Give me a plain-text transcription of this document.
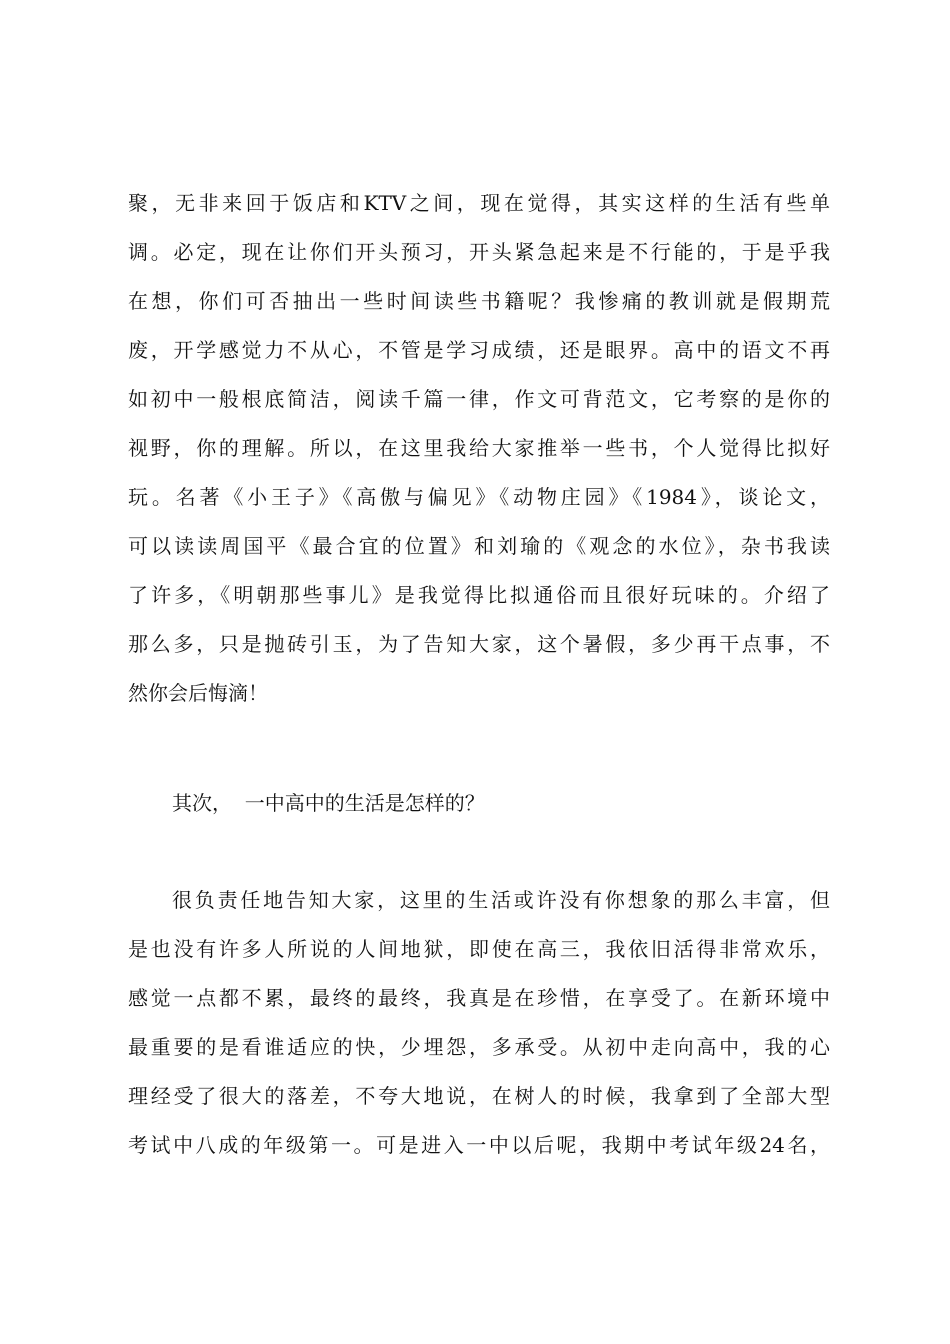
聚，无非来回于饭店和KTV之间，现在觉得，其实这样的生活有些单
调。必定，现在让你们开头预习，开头紧急起来是不行能的，于是乎我
在想，你们可否抽出一些时间读些书籍呢？我惨痛的教训就是假期荒
废，开学感觉力不从心，不管是学习成绩，还是眼界。高中的语文不再
如初中一般根底简洁，阅读千篇一律，作文可背范文，它考察的是你的
视野，你的理解。所以，在这里我给大家推举一些书，个人觉得比拟好
玩。名著《小王子》《高傲与偏见》《动物庄园》《1984》，谈论文，
可以读读周国平《最合宜的位置》和刘瑜的《观念的水位》，杂书我读
了许多，《明朝那些事儿》是我觉得比拟通俗而且很好玩味的。介绍了
那么多，只是抛砖引玉，为了告知大家，这个暑假，多少再干点事，不
然你会后悔滴！
其次，  一中高中的生活是怎样的？
很负责任地告知大家，这里的生活或许没有你想象的那么丰富，但
是也没有许多人所说的人间地狱，即使在高三，我依旧活得非常欢乐，
感觉一点都不累，最终的最终，我真是在珍惜，在享受了。在新环境中
最重要的是看谁适应的快，少埋怨，多承受。从初中走向高中，我的心
理经受了很大的落差，不夸大地说，在树人的时候，我拿到了全部大型
考试中八成的年级第一。可是进入一中以后呢，我期中考试年级24名，
